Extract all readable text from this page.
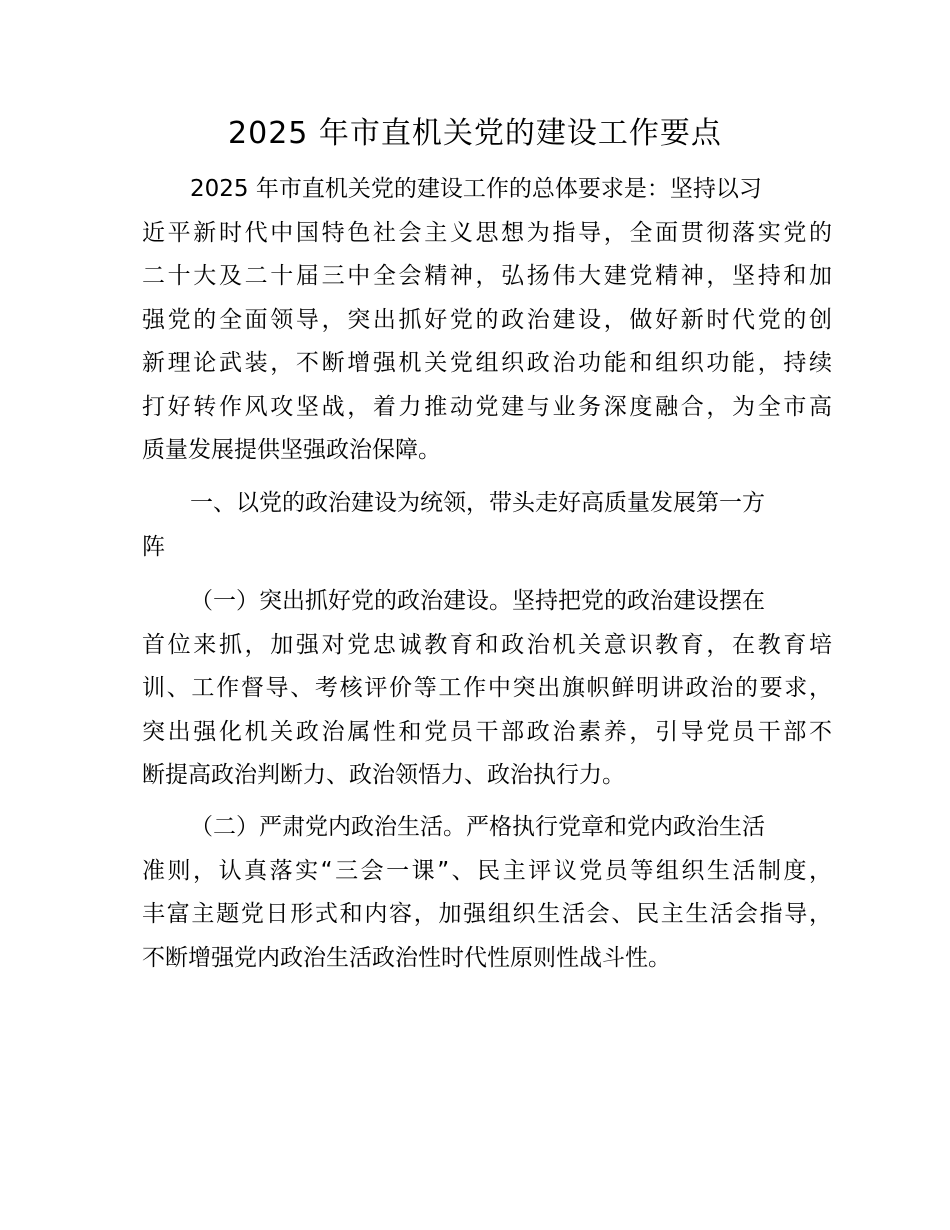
2025 年市直机关党的建设工作要点
2025 年市直机关党的建设工作的总体要求是：坚持以习
近平新时代中国特色社会主义思想为指导，全面贯彻落实党的
二十大及二十届三中全会精神，弘扬伟大建党精神，坚持和加
强党的全面领导，突出抓好党的政治建设，做好新时代党的创
新理论武装，不断增强机关党组织政治功能和组织功能，持续
打好转作风攻坚战，着力推动党建与业务深度融合，为全市高
质量发展提供坚强政治保障。
一、以党的政治建设为统领，带头走好高质量发展第一方
阵
（一）突出抓好党的政治建设。坚持把党的政治建设摆在
首位来抓，加强对党忠诚教育和政治机关意识教育，在教育培
训、工作督导、考核评价等工作中突出旗帜鲜明讲政治的要求，
突出强化机关政治属性和党员干部政治素养，引导党员干部不
断提高政治判断力、政治领悟力、政治执行力。
（二）严肃党内政治生活。严格执行党章和党内政治生活
准则，认真落实“三会一课”、民主评议党员等组织生活制度，
丰富主题党日形式和内容，加强组织生活会、民主生活会指导，
不断增强党内政治生活政治性时代性原则性战斗性。
